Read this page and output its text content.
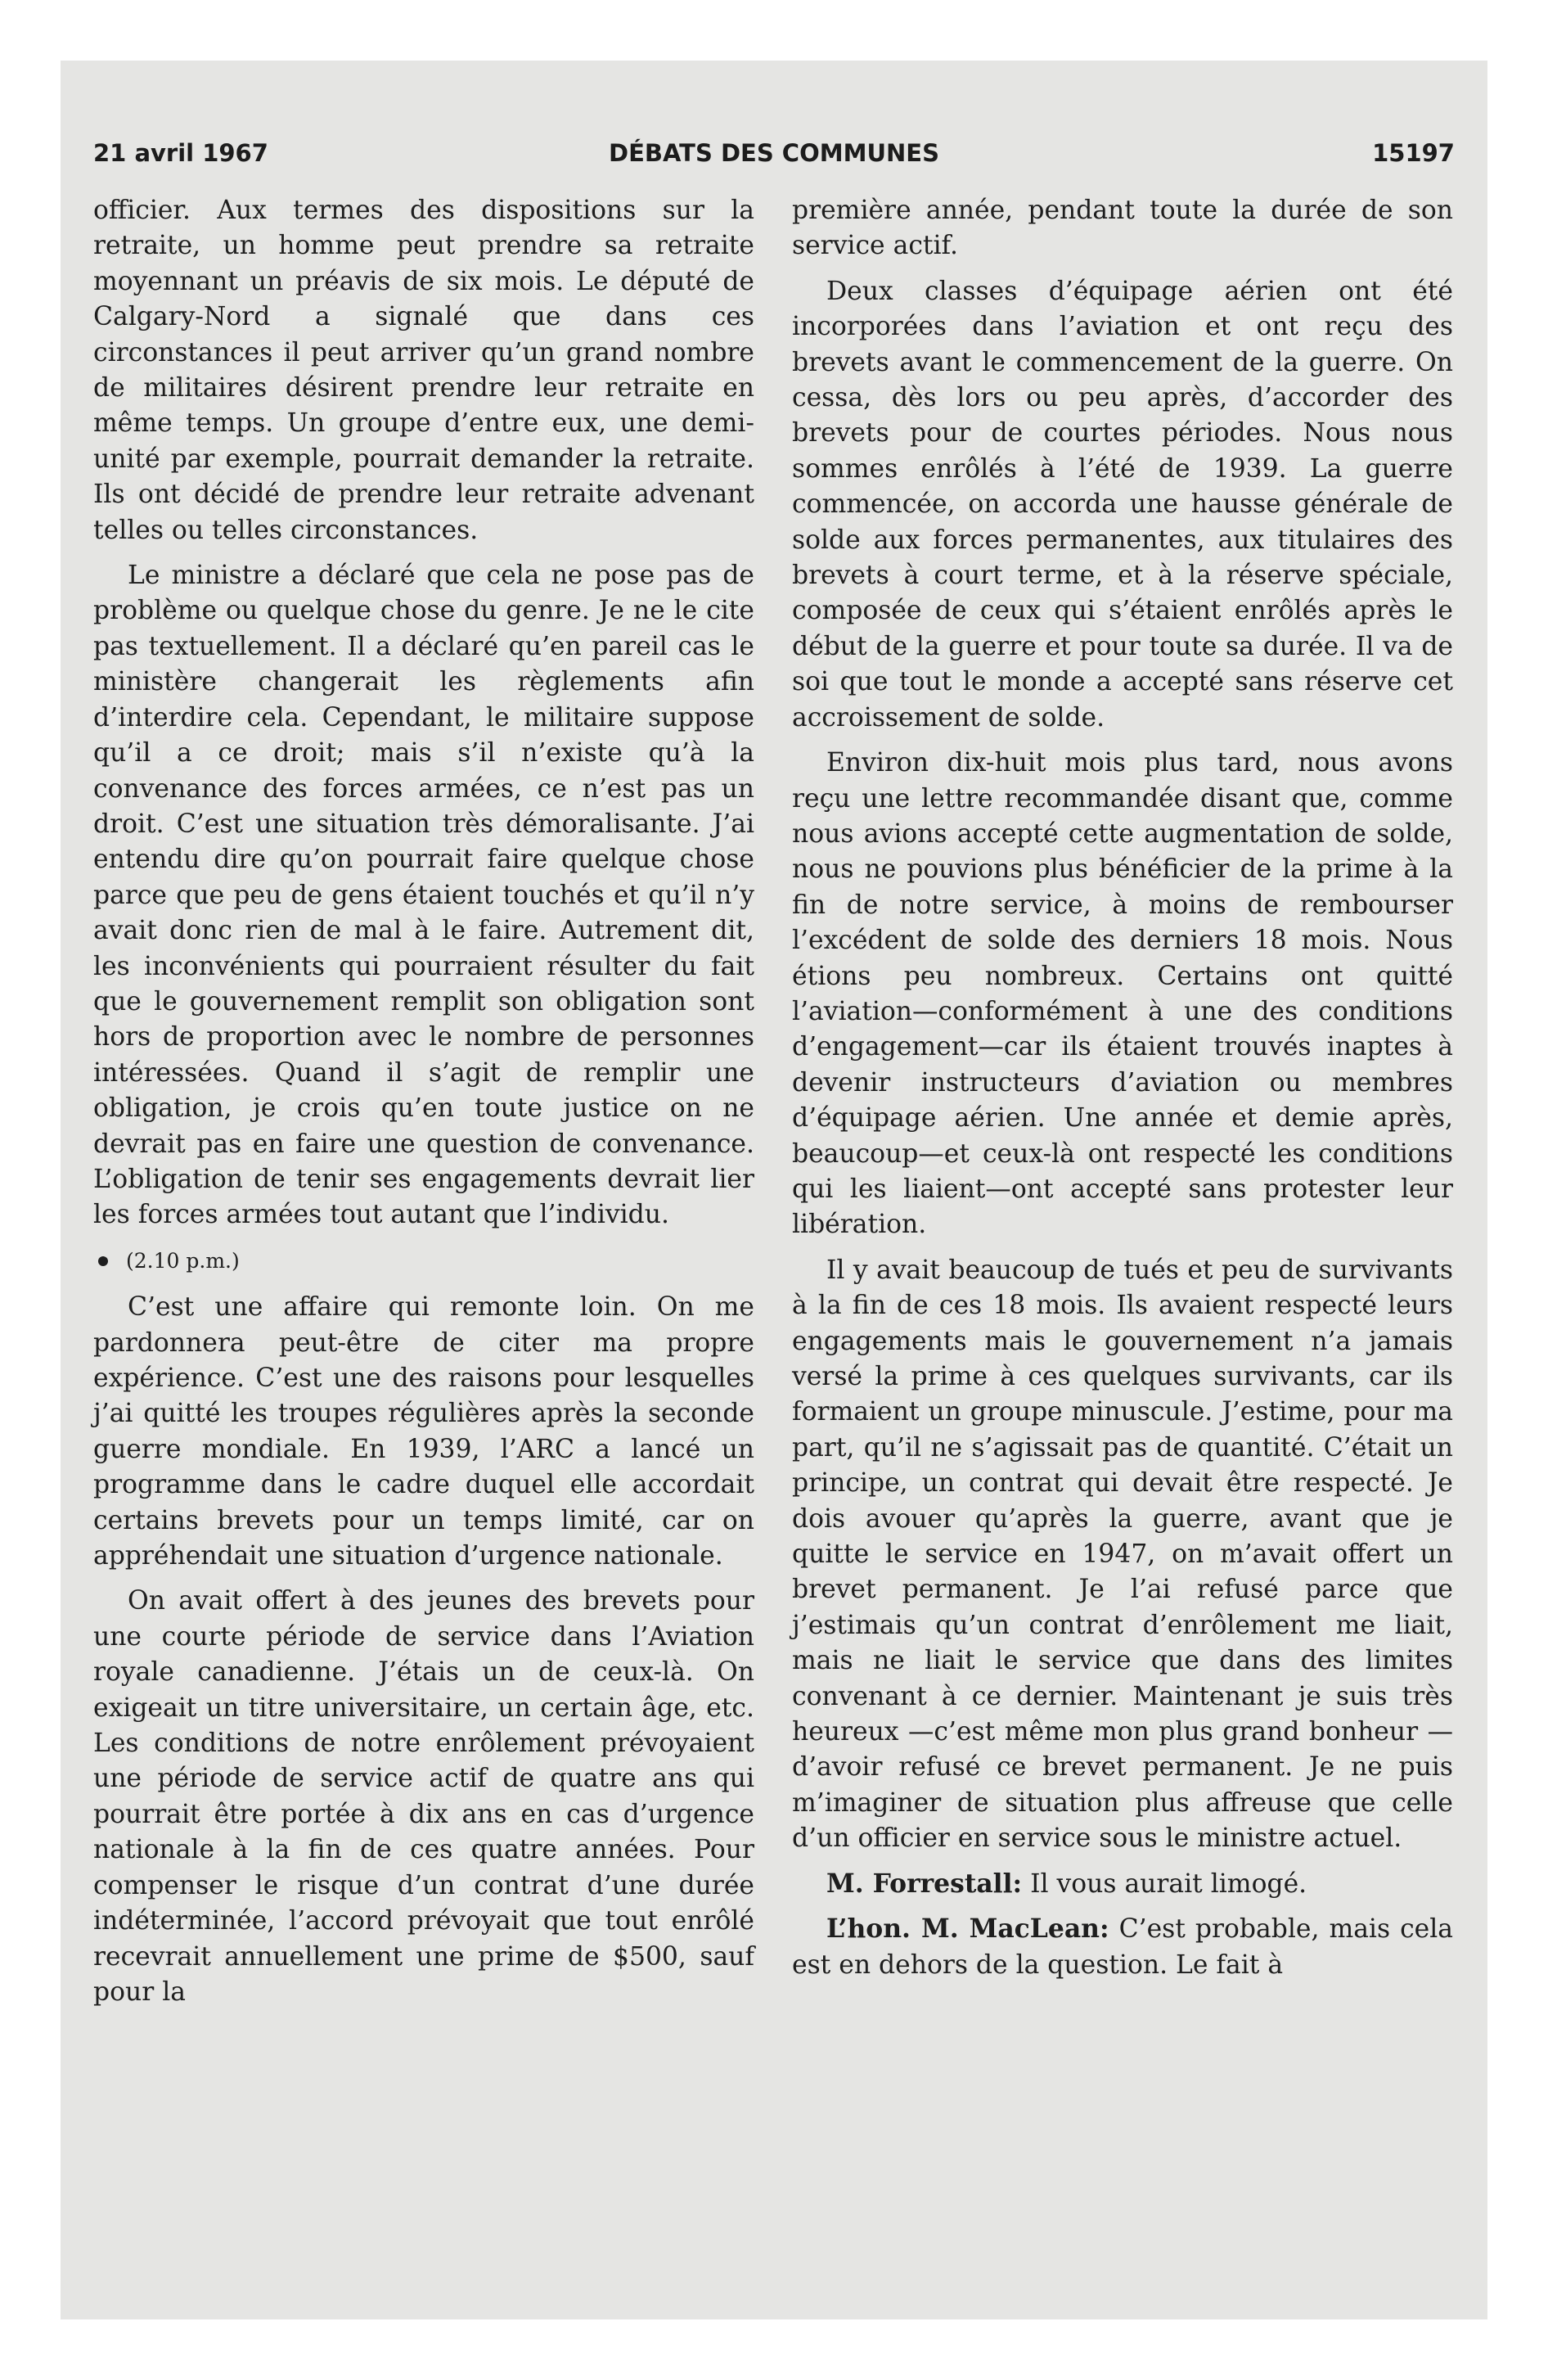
21 avril 1967	DÉBATS DES COMMUNES	15197

officier. Aux termes des dispositions sur la retraite, un homme peut prendre sa retraite moyennant un préavis de six mois. Le député de Calgary-Nord a signalé que dans ces circonstances il peut arriver qu’un grand nombre de militaires désirent prendre leur retraite en même temps. Un groupe d’entre eux, une demi-unité par exemple, pourrait demander la retraite. Ils ont décidé de prendre leur retraite advenant telles ou telles circonstances.

Le ministre a déclaré que cela ne pose pas de problème ou quelque chose du genre. Je ne le cite pas textuellement. Il a déclaré qu’en pareil cas le ministère changerait les règlements afin d’interdire cela. Cependant, le militaire suppose qu’il a ce droit; mais s’il n’existe qu’à la convenance des forces armées, ce n’est pas un droit. C’est une situation très démoralisante. J’ai entendu dire qu’on pourrait faire quelque chose parce que peu de gens étaient touchés et qu’il n’y avait donc rien de mal à le faire. Autrement dit, les inconvénients qui pourraient résulter du fait que le gouvernement remplit son obligation sont hors de proportion avec le nombre de personnes intéressées. Quand il s’agit de remplir une obligation, je crois qu’en toute justice on ne devrait pas en faire une question de convenance. L’obligation de tenir ses engagements devrait lier les forces armées tout autant que l’individu.

(2.10 p.m.)

C’est une affaire qui remonte loin. On me pardonnera peut-être de citer ma propre expérience. C’est une des raisons pour lesquelles j’ai quitté les troupes régulières après la seconde guerre mondiale. En 1939, l’ARC a lancé un programme dans le cadre duquel elle accordait certains brevets pour un temps limité, car on appréhendait une situation d’urgence nationale.

On avait offert à des jeunes des brevets pour une courte période de service dans l’Aviation royale canadienne. J’étais un de ceux-là. On exigeait un titre universitaire, un certain âge, etc. Les conditions de notre enrôlement prévoyaient une période de service actif de quatre ans qui pourrait être portée à dix ans en cas d’urgence nationale à la fin de ces quatre années. Pour compenser le risque d’un contrat d’une durée indéterminée, l’accord prévoyait que tout enrôlé recevrait annuellement une prime de $500, sauf pour la

première année, pendant toute la durée de son service actif.

Deux classes d’équipage aérien ont été incorporées dans l’aviation et ont reçu des brevets avant le commencement de la guerre. On cessa, dès lors ou peu après, d’accorder des brevets pour de courtes périodes. Nous nous sommes enrôlés à l’été de 1939. La guerre commencée, on accorda une hausse générale de solde aux forces permanentes, aux titulaires des brevets à court terme, et à la réserve spéciale, composée de ceux qui s’étaient enrôlés après le début de la guerre et pour toute sa durée. Il va de soi que tout le monde a accepté sans réserve cet accroissement de solde.

Environ dix-huit mois plus tard, nous avons reçu une lettre recommandée disant que, comme nous avions accepté cette augmentation de solde, nous ne pouvions plus bénéficier de la prime à la fin de notre service, à moins de rembourser l’excédent de solde des derniers 18 mois. Nous étions peu nombreux. Certains ont quitté l’aviation—conformément à une des conditions d’engagement—car ils étaient trouvés inaptes à devenir instructeurs d’aviation ou membres d’équipage aérien. Une année et demie après, beaucoup—et ceux-là ont respecté les conditions qui les liaient—ont accepté sans protester leur libération.

Il y avait beaucoup de tués et peu de survivants à la fin de ces 18 mois. Ils avaient respecté leurs engagements mais le gouvernement n’a jamais versé la prime à ces quelques survivants, car ils formaient un groupe minuscule. J’estime, pour ma part, qu’il ne s’agissait pas de quantité. C’était un principe, un contrat qui devait être respecté. Je dois avouer qu’après la guerre, avant que je quitte le service en 1947, on m’avait offert un brevet permanent. Je l’ai refusé parce que j’estimais qu’un contrat d’enrôlement me liait, mais ne liait le service que dans des limites convenant à ce dernier. Maintenant je suis très heureux —c’est même mon plus grand bonheur —d’avoir refusé ce brevet permanent. Je ne puis m’imaginer de situation plus affreuse que celle d’un officier en service sous le ministre actuel.

M. Forrestall: Il vous aurait limogé.

L’hon. M. MacLean: C’est probable, mais cela est en dehors de la question. Le fait à
